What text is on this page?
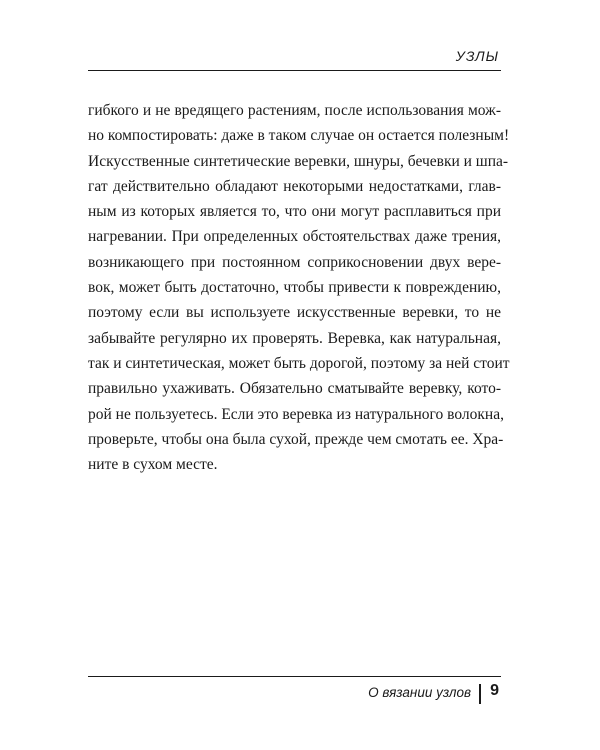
УЗЛЫ
гибкого и не вредящего растениям, после использования мож-
но компостировать: даже в таком случае он остается полезным!
Искусственные синтетические веревки, шнуры, бечевки и шпа-
гат действительно обладают некоторыми недостатками, глав-
ным из которых является то, что они могут расплавиться при
нагревании. При определенных обстоятельствах даже трения,
возникающего при постоянном соприкосновении двух вере-
вок, может быть достаточно, чтобы привести к повреждению,
поэтому если вы используете искусственные веревки, то не
забывайте регулярно их проверять. Веревка, как натуральная,
так и синтетическая, может быть дорогой, поэтому за ней стоит
правильно ухаживать. Обязательно сматывайте веревку, кото-
рой не пользуетесь. Если это веревка из натурального волокна,
проверьте, чтобы она была сухой, прежде чем смотать ее. Хра-
ните в сухом месте.
О вязании узлов 9
